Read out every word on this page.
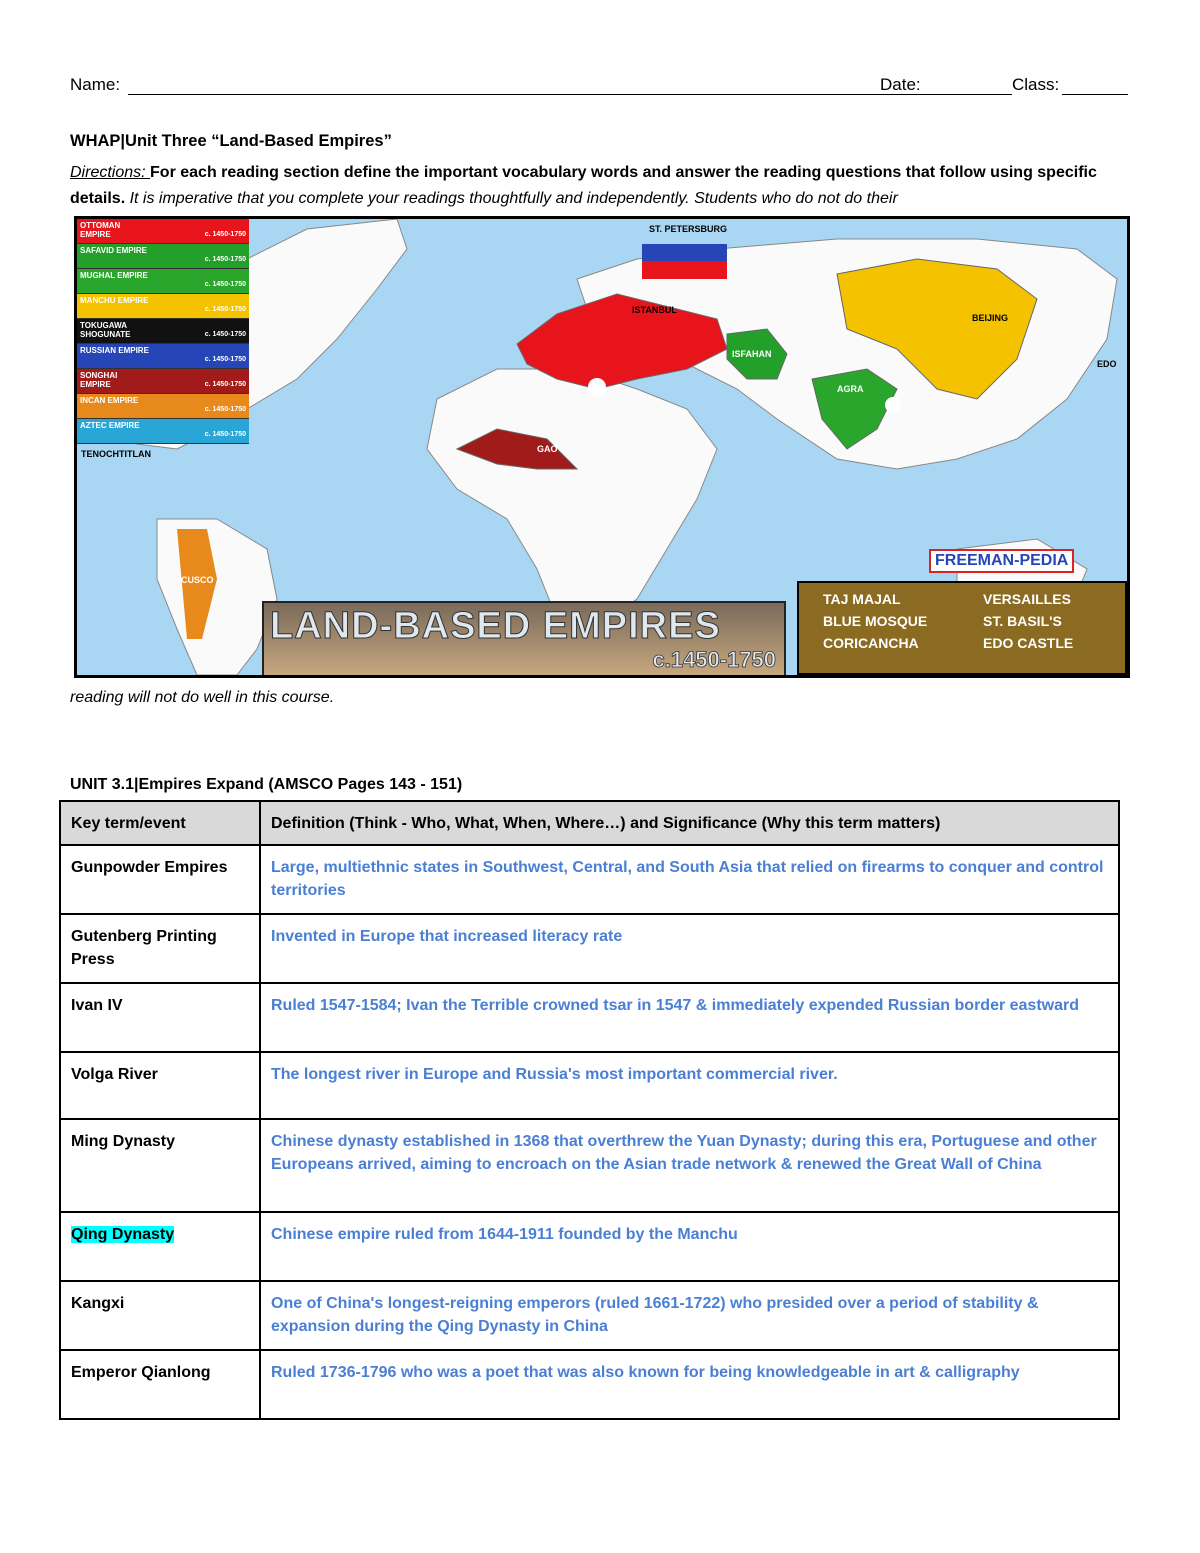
Name:	Date:	Class:
WHAP|Unit Three “Land-Based Empires”
Directions: For each reading section define the important vocabulary words and answer the reading questions that follow using specific details. It is imperative that you complete your readings thoughtfully and independently. Students who do not do their
OTTOMAN EMPIRE	c. 1450-1750
SAFAVID EMPIRE
c. 1450-1750
MUGHAL EMPIRE
c. 1450-1750
MANCHU EMPIRE
c. 1450-1750
TOKUGAWA SHOGUNATE	c. 1450-1750
RUSSIAN EMPIRE
c. 1450-1750
SONGHAI EMPIRE	c. 1450-1750
INCAN EMPIRE
c. 1450-1750
AZTEC EMPIRE
c. 1450-1750
ST. PETERSBURG
ISTANBUL
ISFAHAN
AGRA
BEIJING
EDO
GAO
TENOCHTITLAN
CUSCO
LAND-BASED EMPIRES
c.1450-1750
FREEMAN-PEDIA
TAJ MAJAL	VERSAILLES
BLUE MOSQUE	ST. BASIL'S
CORICANCHA	EDO CASTLE
reading will not do well in this course.
UNIT 3.1|Empires Expand (AMSCO Pages 143 - 151)
Key term/event	Definition (Think - Who, What, When, Where…) and Significance (Why this term matters)
Gunpowder Empires	Large, multiethnic states in Southwest, Central, and South Asia that relied on firearms to conquer and control territories
Gutenberg Printing Press	Invented in Europe that increased literacy rate
Ivan IV	Ruled 1547-1584; Ivan the Terrible crowned tsar in 1547 & immediately expended Russian border eastward
Volga River	The longest river in Europe and Russia's most important commercial river.
Ming Dynasty	Chinese dynasty established in 1368 that overthrew the Yuan Dynasty; during this era, Portuguese and other Europeans arrived, aiming to encroach on the Asian trade network & renewed the Great Wall of China
Qing Dynasty	Chinese empire ruled from 1644-1911 founded by the Manchu
Kangxi	One of China's longest-reigning emperors (ruled 1661-1722) who presided over a period of stability & expansion during the Qing Dynasty in China
Emperor Qianlong	Ruled 1736-1796 who was a poet that was also known for being knowledgeable in art & calligraphy
